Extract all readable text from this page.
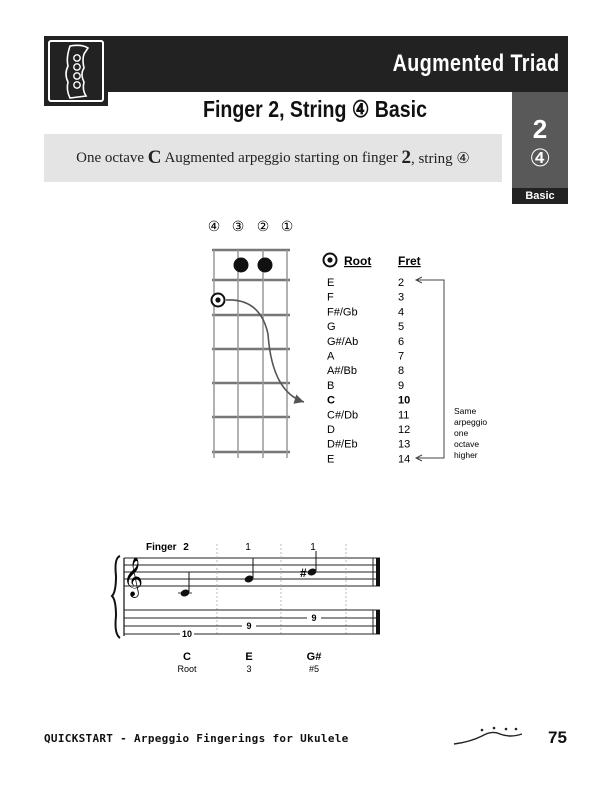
Augmented Triad
Finger 2, String ④ Basic
One octave C Augmented arpeggio starting on finger 2 , string ④
2
④
Basic
④ ③ ② ①
Root Fret
E	2
F	3
F#/Gb	4
G	5
G#/Ab	6
A	7
A#/Bb	8
B	9
C	10
C#/Db	11
D	12
D#/Eb	13
E	14
Same
arpeggio
one
octave
higher
Finger 2	1	1
𝄞	#
10
9
9
C	E	G#
Root	3	#5
QUICKSTART - Arpeggio Fingerings for Ukulele	75
